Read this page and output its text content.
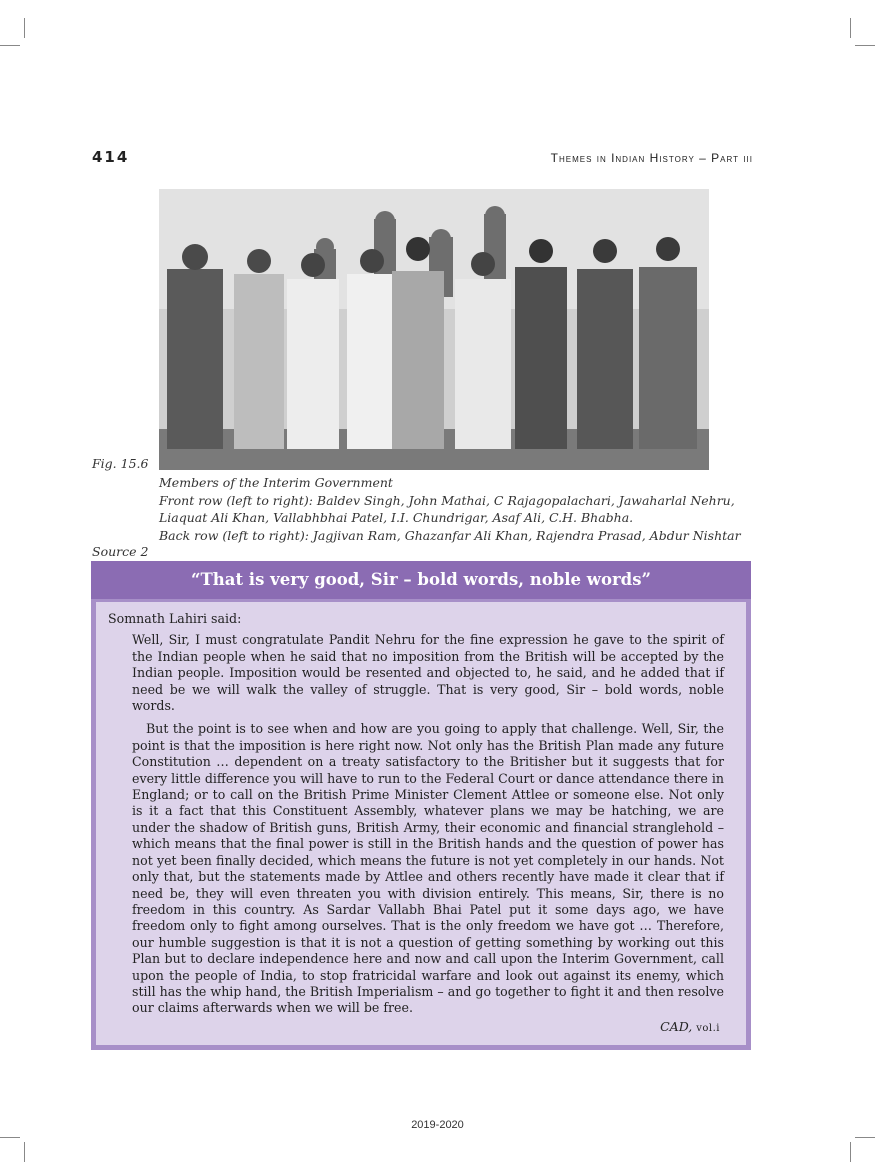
414	Themes in Indian History – Part iii
Fig. 15.6
Members of the Interim Government
Front row (left to right): Baldev Singh, John Mathai, C Rajagopalachari, Jawaharlal Nehru,
Liaquat Ali Khan, Vallabhbhai Patel, I.I. Chundrigar, Asaf Ali, C.H. Bhabha.
Back row (left to right): Jagjivan Ram, Ghazanfar Ali Khan, Rajendra Prasad, Abdur Nishtar
Source 2
“That is very good, Sir – bold words, noble words”
Somnath Lahiri said:

Well, Sir, I must congratulate Pandit Nehru for the fine expression he gave to the spirit of the Indian people when he said that no imposition from the British will be accepted by the Indian people. Imposition would be resented and objected to, he said, and he added that if need be we will walk the valley of struggle. That is very good, Sir – bold words, noble words.

But the point is to see when and how are you going to apply that challenge. Well, Sir, the point is that the imposition is here right now. Not only has the British Plan made any future Constitution … dependent on a treaty satisfactory to the Britisher but it suggests that for every little difference you will have to run to the Federal Court or dance attendance there in England; or to call on the British Prime Minister Clement Attlee or someone else. Not only is it a fact that this Constituent Assembly, whatever plans we may be hatching, we are under the shadow of British guns, British Army, their economic and financial stranglehold – which means that the final power is still in the British hands and the question of power has not yet been finally decided, which means the future is not yet completely in our hands. Not only that, but the statements made by Attlee and others recently have made it clear that if need be, they will even threaten you with division entirely. This means, Sir, there is no freedom in this country. As Sardar Vallabh Bhai Patel put it some days ago, we have freedom only to fight among ourselves. That is the only freedom we have got … Therefore, our humble suggestion is that it is not a question of getting something by working out this Plan but to declare independence here and now and call upon the Interim Government, call upon the people of India, to stop fratricidal warfare and look out against its enemy, which still has the whip hand, the British Imperialism – and go together to fight it and then resolve our claims afterwards when we will be free.

CAD, vol.i
2019-2020
